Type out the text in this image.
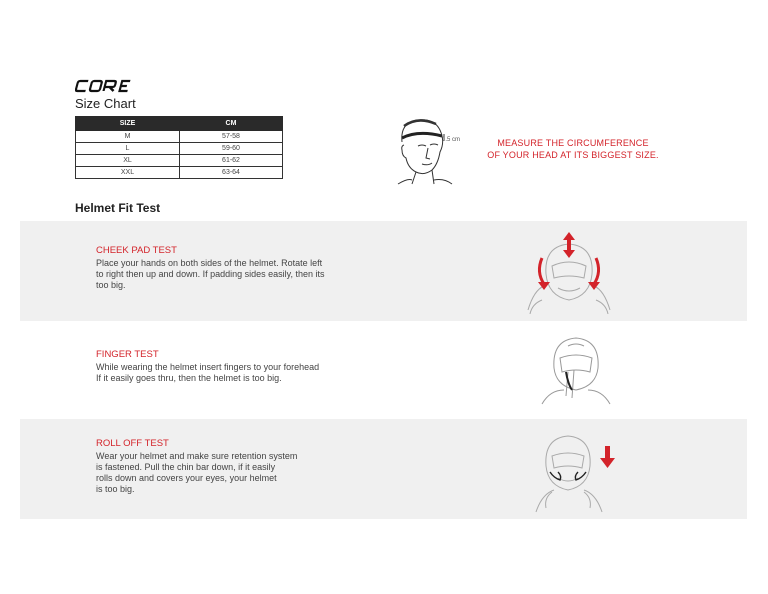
Size Chart
SIZE	CM
M	57-58
L	59-60
XL	61-62
XXL	63-64
1.5 cm	MEASURE THE CIRCUMFERENCE
OF YOUR HEAD AT ITS BIGGEST SIZE.
Helmet Fit Test
CHEEK PAD TEST
Place your hands on both sides of the helmet. Rotate left
to right then up and down. If padding sides easily, then its
too big.
FINGER TEST
While wearing the helmet insert fingers to your forehead
If it easily goes thru, then the helmet is too big.
ROLL OFF TEST
Wear your helmet and make sure retention system
is fastened. Pull the chin bar down, if it easily
rolls down and covers your eyes, your helmet
is too big.
